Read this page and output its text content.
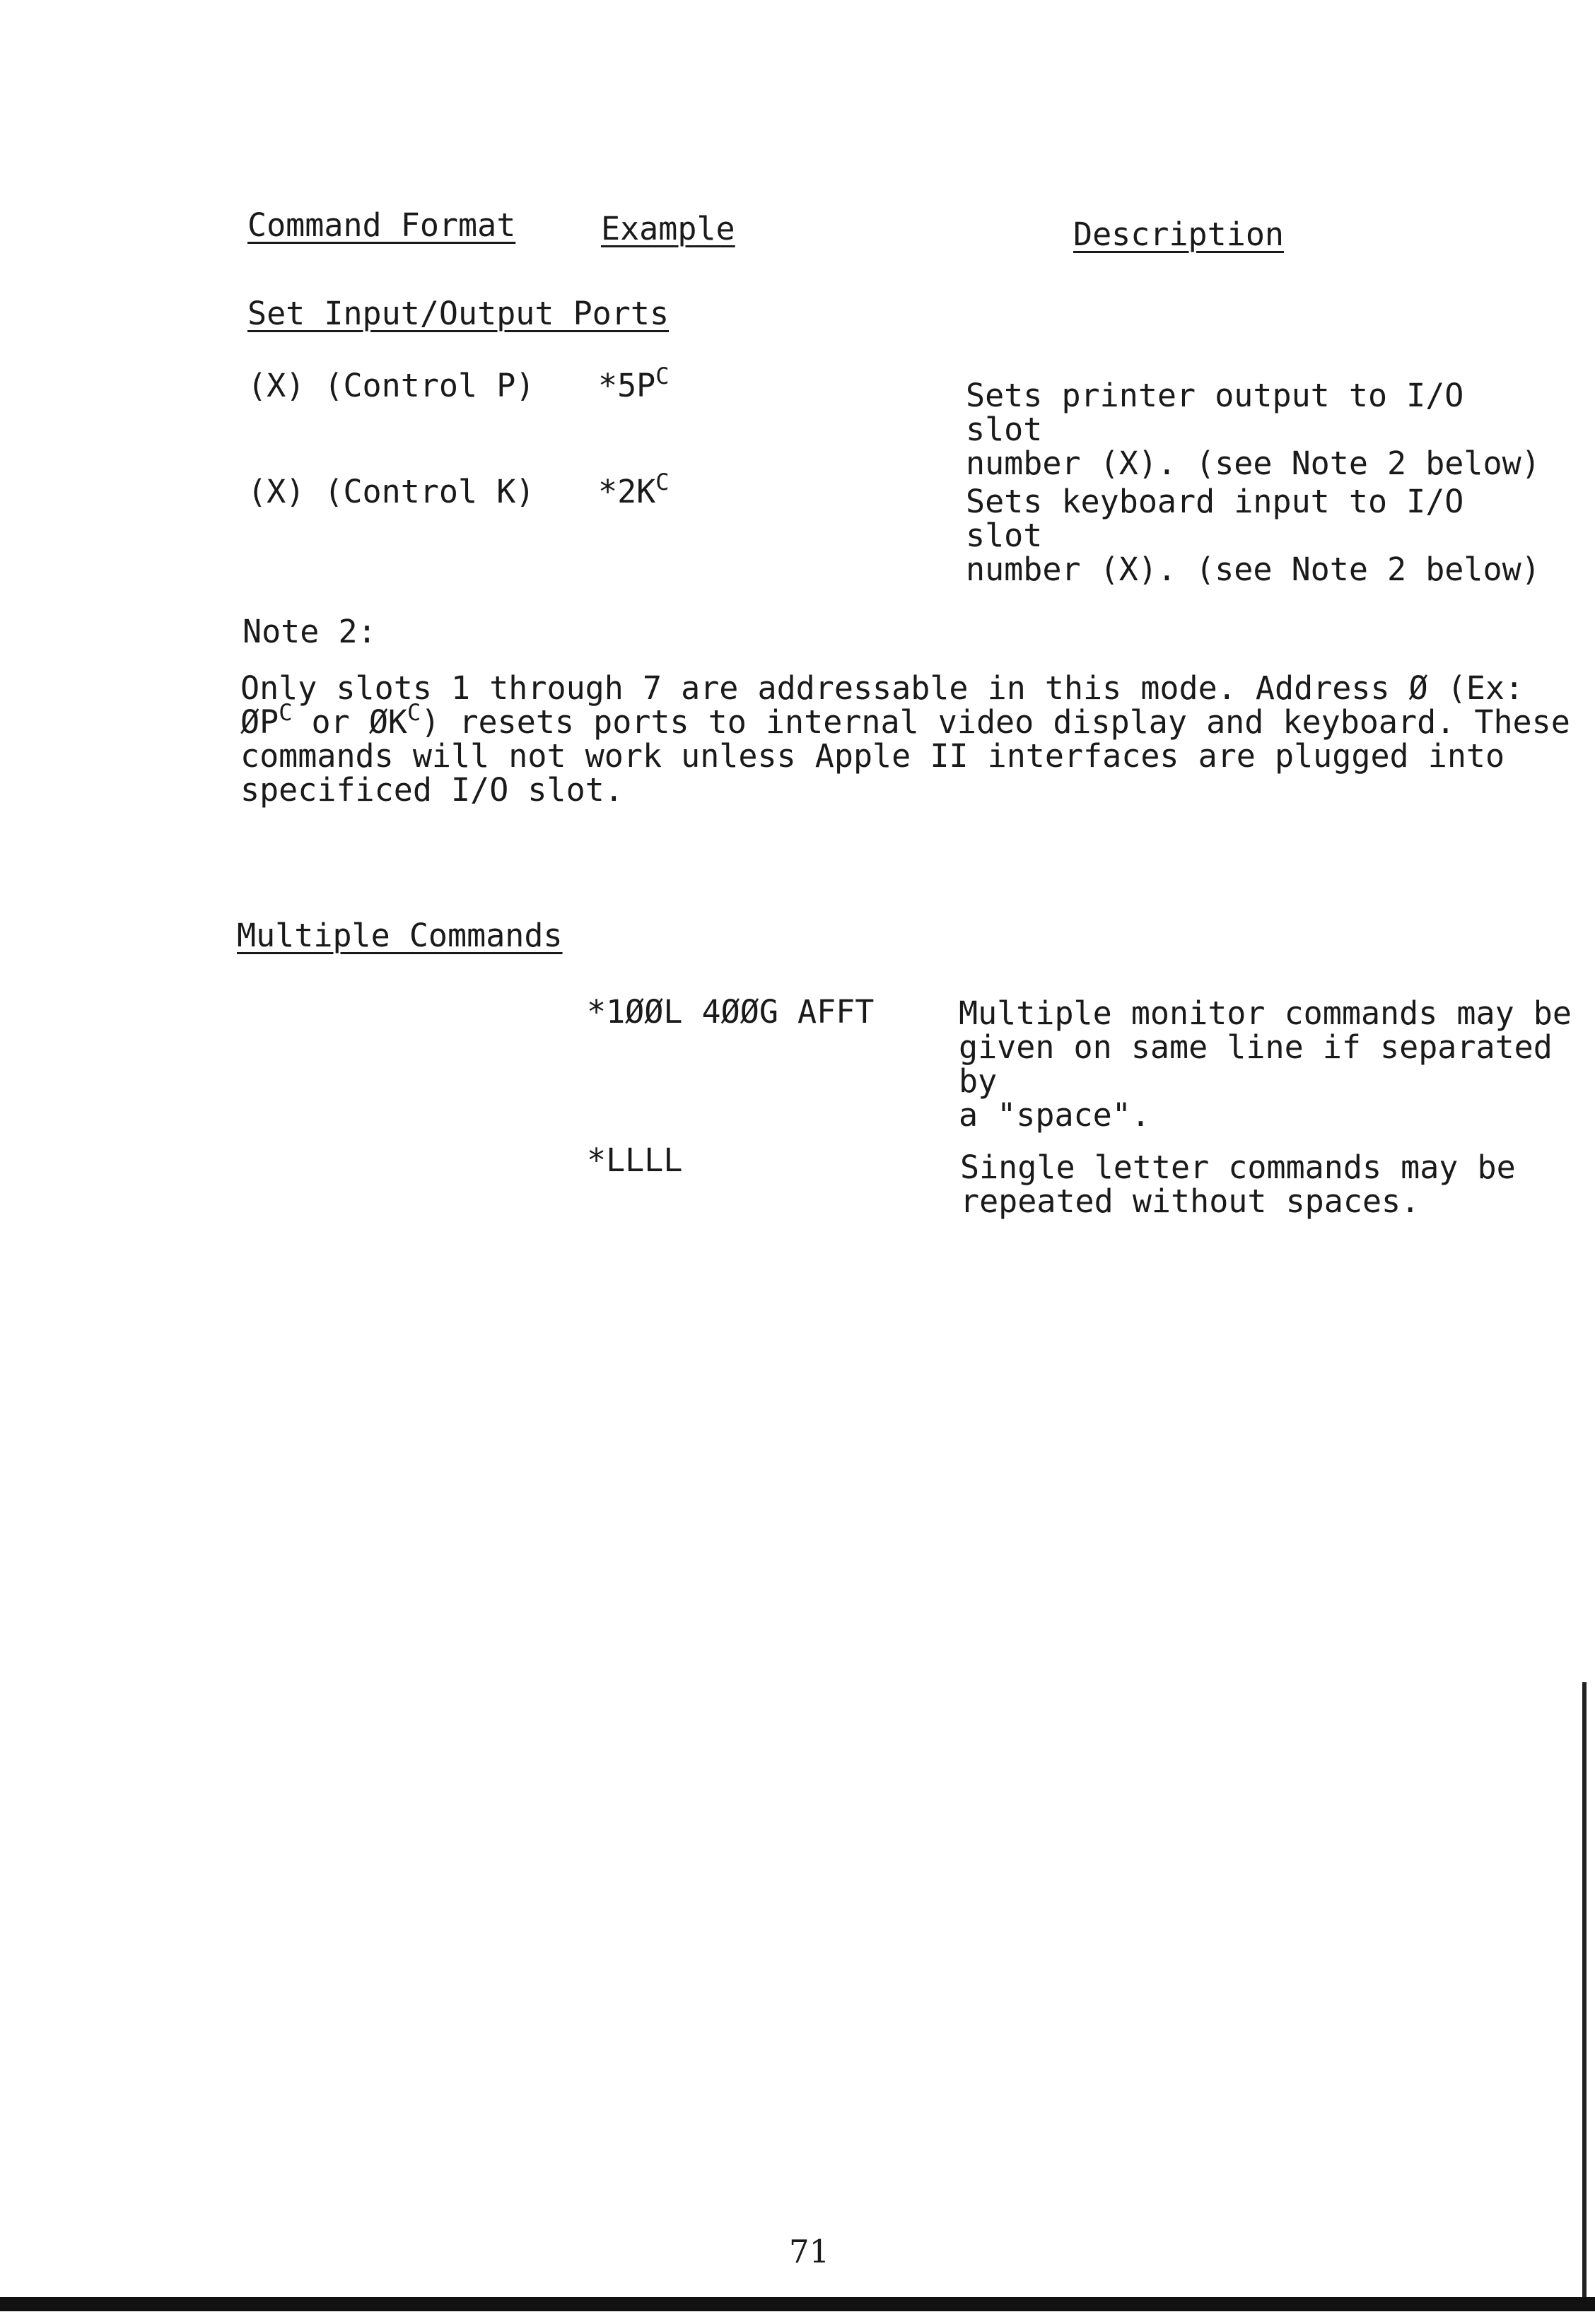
Command Format	Example	Description
Set Input/Output Ports
(X) (Control P) $*5P^C$
Sets printer output to I/O slot
number (X). (see Note 2 below)
(X) (Control K) $*2K^C$
Sets keyboard input to I/O slot
number (X). (see Note 2 below)
Note 2:
Only slots 1 through 7 are addressable in this mode. Address Ø (Ex: $ØP^C$ or $ØK^C$) resets ports to internal video display and keyboard. These commands will not work unless Apple II interfaces are plugged into specificed I/O slot.
Multiple Commands
*1ØØL 4ØØG AFFT	Multiple monitor commands may be
given on same line if separated by
a "space".
*LLLL	Single letter commands may be
repeated without spaces.
71
